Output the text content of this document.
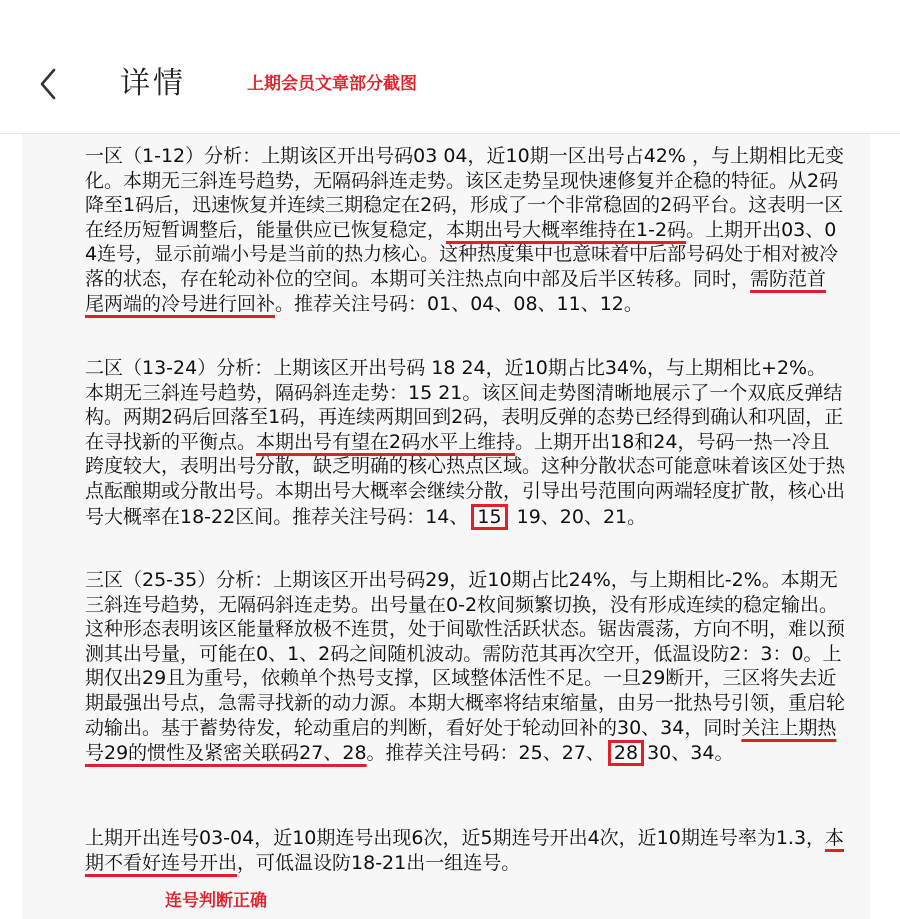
详情	上期会员文章部分截图

一区（1-12）分析：上期该区开出号码03 04，近10期一区出号占42% ，与上期相比无变化。本期无三斜连号趋势，无隔码斜连走势。该区走势呈现快速修复并企稳的特征。从2码降至1码后，迅速恢复并连续三期稳定在2码，形成了一个非常稳固的2码平台。这表明一区在经历短暂调整后，能量供应已恢复稳定，本期出号大概率维持在1-2码。上期开出03、04连号，显示前端小号是当前的热力核心。这种热度集中也意味着中后部号码处于相对被冷落的状态，存在轮动补位的空间。本期可关注热点向中部及后半区转移。同时，需防范首尾两端的冷号进行回补。推荐关注号码：01、04、08、11、12。

二区（13-24）分析：上期该区开出号码 18 24，近10期占比34%，与上期相比+2%。本期无三斜连号趋势，隔码斜连走势：15 21。该区间走势图清晰地展示了一个双底反弹结构。两期2码后回落至1码，再连续两期回到2码，表明反弹的态势已经得到确认和巩固，正在寻找新的平衡点。本期出号有望在2码水平上维持。上期开出18和24，号码一热一冷且跨度较大，表明出号分散，缺乏明确的核心热点区域。这种分散状态可能意味着该区处于热点酝酿期或分散出号。本期出号大概率会继续分散，引导出号范围向两端轻度扩散，核心出号大概率在18-22区间。推荐关注号码：14、 15 19、20、21。

三区（25-35）分析：上期该区开出号码29，近10期占比24%，与上期相比-2%。本期无三斜连号趋势，无隔码斜连走势。出号量在0-2枚间频繁切换，没有形成连续的稳定输出。这种形态表明该区能量释放极不连贯，处于间歇性活跃状态。锯齿震荡，方向不明，难以预测其出号量，可能在0、1、2码之间随机波动。需防范其再次空开，低温设防2：3：0。上期仅出29且为重号，依赖单个热号支撑，区域整体活性不足。一旦29断开，三区将失去近期最强出号点，急需寻找新的动力源。本期大概率将结束缩量，由另一批热号引领，重启轮动输出。基于蓄势待发，轮动重启的判断，看好处于轮动回补的30、34，同时关注上期热号29的惯性及紧密关联码27、28。推荐关注号码：25、27、 28 30、34。

上期开出连号03-04，近10期连号出现6次，近5期连号开出4次，近10期连号率为1.3，本期不看好连号开出，可低温设防18-21出一组连号。

连号判断正确
